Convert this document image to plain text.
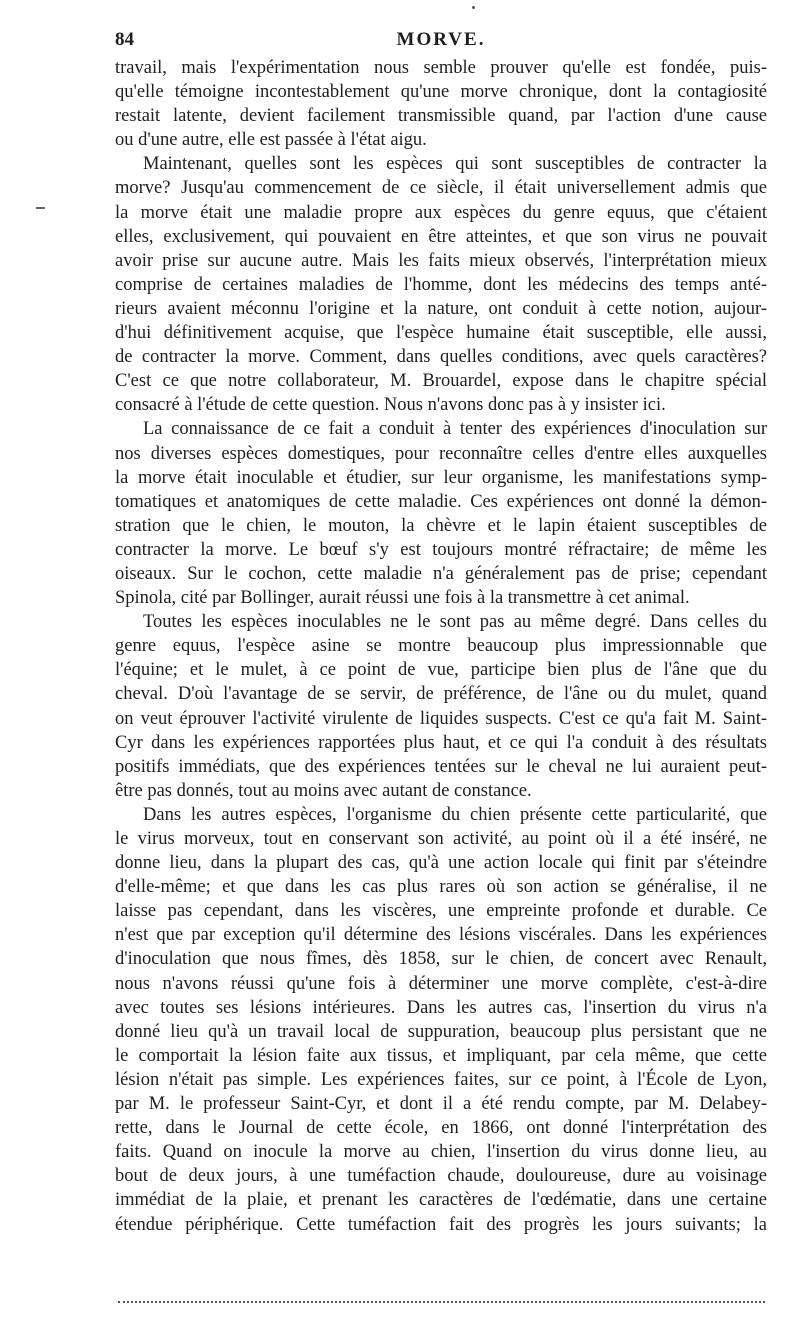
84	MORVE.
travail, mais l'expérimentation nous semble prouver qu'elle est fondée, puis-
qu'elle témoigne incontestablement qu'une morve chronique, dont la contagiosité
restait latente, devient facilement transmissible quand, par l'action d'une cause
ou d'une autre, elle est passée à l'état aigu.
Maintenant, quelles sont les espèces qui sont susceptibles de contracter la
morve? Jusqu'au commencement de ce siècle, il était universellement admis que
la morve était une maladie propre aux espèces du genre equus, que c'étaient
elles, exclusivement, qui pouvaient en être atteintes, et que son virus ne pouvait
avoir prise sur aucune autre. Mais les faits mieux observés, l'interprétation mieux
comprise de certaines maladies de l'homme, dont les médecins des temps anté-
rieurs avaient méconnu l'origine et la nature, ont conduit à cette notion, aujour-
d'hui définitivement acquise, que l'espèce humaine était susceptible, elle aussi,
de contracter la morve. Comment, dans quelles conditions, avec quels caractères?
C'est ce que notre collaborateur, M. Brouardel, expose dans le chapitre spécial
consacré à l'étude de cette question. Nous n'avons donc pas à y insister ici.
La connaissance de ce fait a conduit à tenter des expériences d'inoculation sur
nos diverses espèces domestiques, pour reconnaître celles d'entre elles auxquelles
la morve était inoculable et étudier, sur leur organisme, les manifestations symp-
tomatiques et anatomiques de cette maladie. Ces expériences ont donné la démon-
stration que le chien, le mouton, la chèvre et le lapin étaient susceptibles de
contracter la morve. Le bœuf s'y est toujours montré réfractaire; de même les
oiseaux. Sur le cochon, cette maladie n'a généralement pas de prise; cependant
Spinola, cité par Bollinger, aurait réussi une fois à la transmettre à cet animal.
Toutes les espèces inoculables ne le sont pas au même degré. Dans celles du
genre equus, l'espèce asine se montre beaucoup plus impressionnable que
l'équine; et le mulet, à ce point de vue, participe bien plus de l'âne que du
cheval. D'où l'avantage de se servir, de préférence, de l'âne ou du mulet, quand
on veut éprouver l'activité virulente de liquides suspects. C'est ce qu'a fait M. Saint-
Cyr dans les expériences rapportées plus haut, et ce qui l'a conduit à des résultats
positifs immédiats, que des expériences tentées sur le cheval ne lui auraient peut-
être pas donnés, tout au moins avec autant de constance.
Dans les autres espèces, l'organisme du chien présente cette particularité, que
le virus morveux, tout en conservant son activité, au point où il a été inséré, ne
donne lieu, dans la plupart des cas, qu'à une action locale qui finit par s'éteindre
d'elle-même; et que dans les cas plus rares où son action se généralise, il ne
laisse pas cependant, dans les viscères, une empreinte profonde et durable. Ce
n'est que par exception qu'il détermine des lésions viscérales. Dans les expériences
d'inoculation que nous fîmes, dès 1858, sur le chien, de concert avec Renault,
nous n'avons réussi qu'une fois à déterminer une morve complète, c'est-à-dire
avec toutes ses lésions intérieures. Dans les autres cas, l'insertion du virus n'a
donné lieu qu'à un travail local de suppuration, beaucoup plus persistant que ne
le comportait la lésion faite aux tissus, et impliquant, par cela même, que cette
lésion n'était pas simple. Les expériences faites, sur ce point, à l'École de Lyon,
par M. le professeur Saint-Cyr, et dont il a été rendu compte, par M. Delabey-
rette, dans le Journal de cette école, en 1866, ont donné l'interprétation des
faits. Quand on inocule la morve au chien, l'insertion du virus donne lieu, au
bout de deux jours, à une tuméfaction chaude, douloureuse, dure au voisinage
immédiat de la plaie, et prenant les caractères de l'œdématie, dans une certaine
étendue périphérique. Cette tuméfaction fait des progrès les jours suivants; la
